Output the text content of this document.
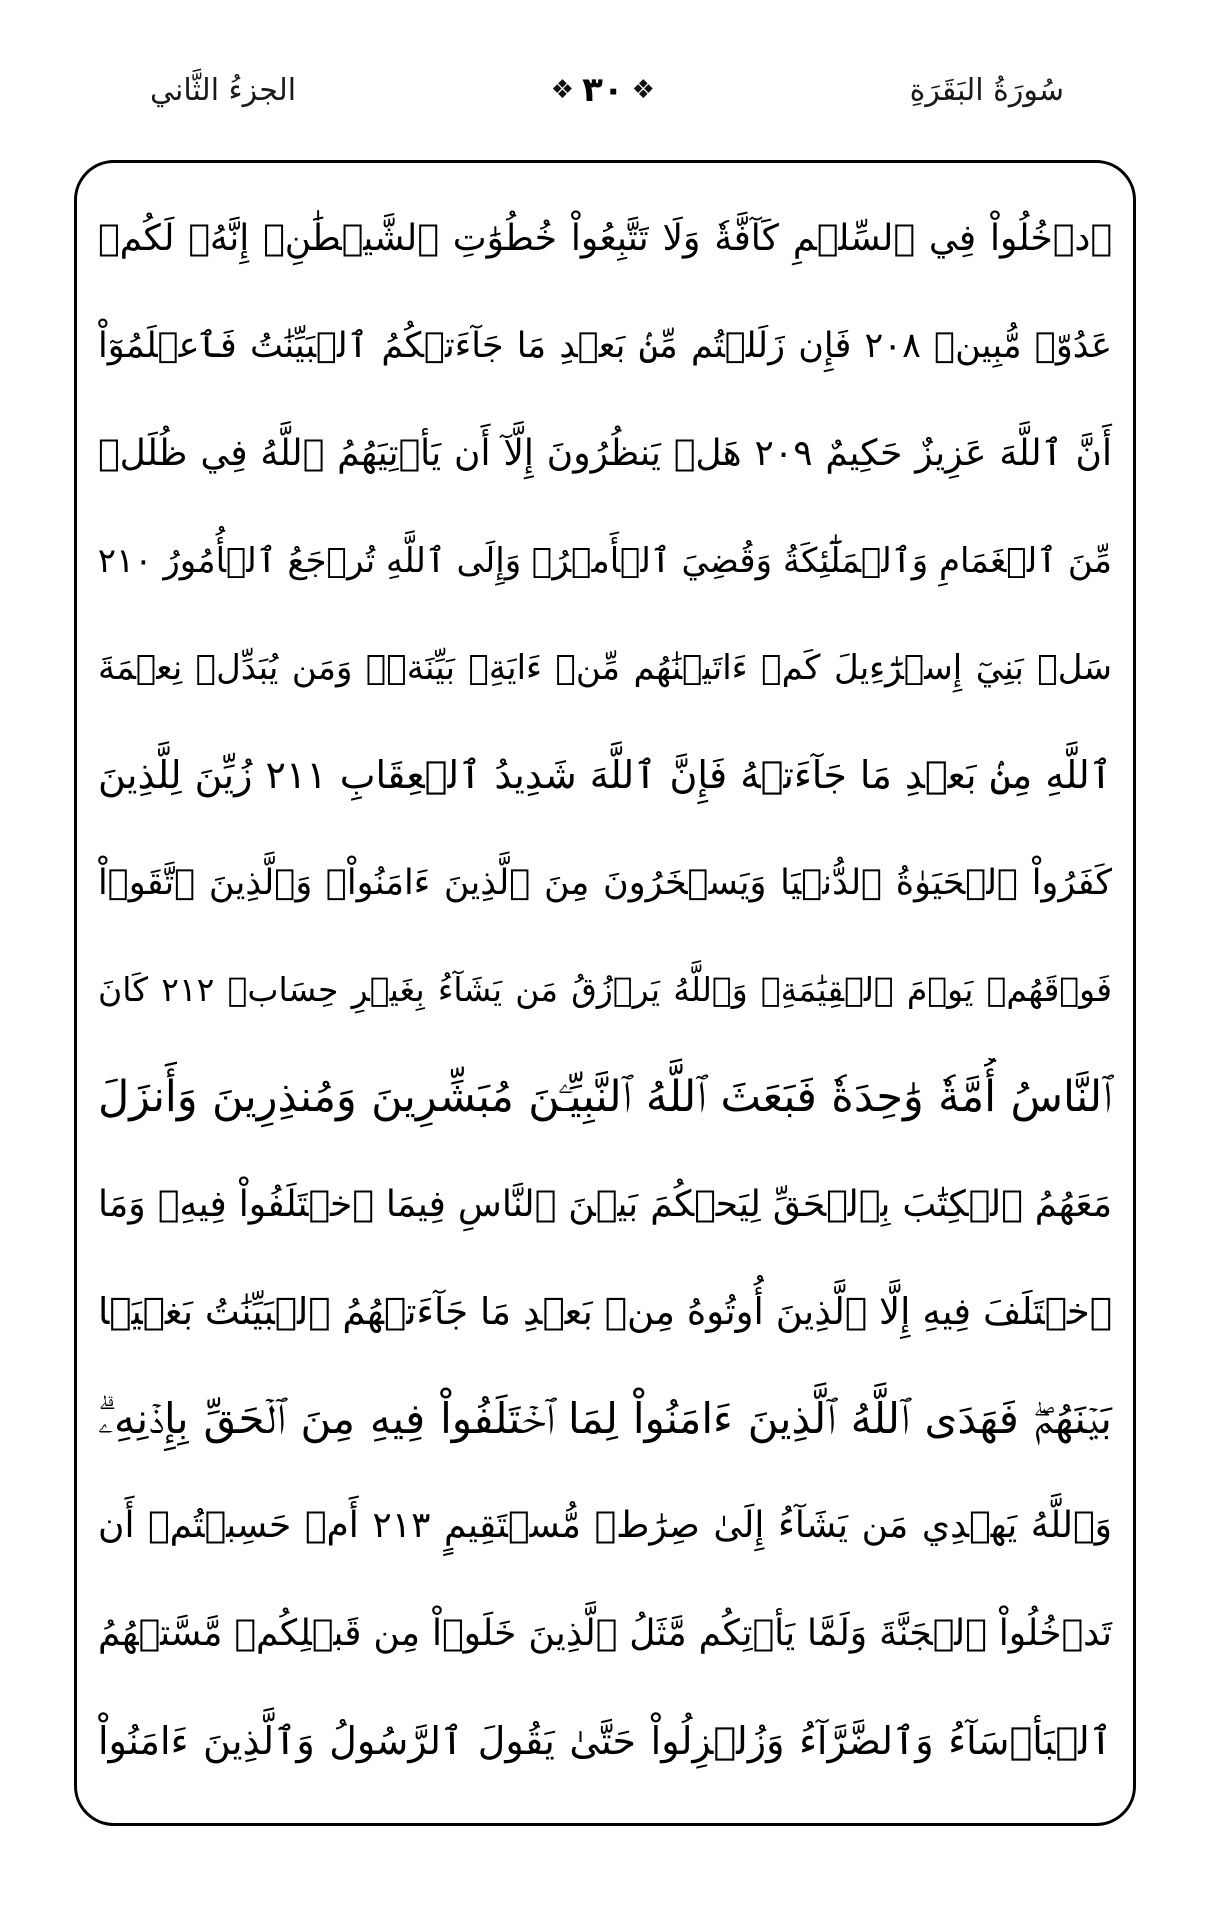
سُورَةُ البَقَرَةِ
❖
٣٠
❖
الجزءُ الثَّاني
ٱدۡخُلُواْ فِي ٱلسِّلۡمِ كَآفَّةٗ وَلَا تَتَّبِعُواْ خُطُوَٰتِ ٱلشَّيۡطَٰنِۚ إِنَّهُۥ لَكُمۡ
عَدُوّٞ مُّبِينٞ ٢٠٨ فَإِن زَلَلۡتُم مِّنۢ بَعۡدِ مَا جَآءَتۡكُمُ ٱلۡبَيِّنَٰتُ فَٱعۡلَمُوٓاْ
أَنَّ ٱللَّهَ عَزِيزٌ حَكِيمٌ ٢٠٩ هَلۡ يَنظُرُونَ إِلَّآ أَن يَأۡتِيَهُمُ ٱللَّهُ فِي ظُلَلٖ
مِّنَ ٱلۡغَمَامِ وَٱلۡمَلَٰٓئِكَةُ وَقُضِيَ ٱلۡأَمۡرُۚ وَإِلَى ٱللَّهِ تُرۡجَعُ ٱلۡأُمُورُ ٢١٠
سَلۡ بَنِيٓ إِسۡرَٰٓءِيلَ كَمۡ ءَاتَيۡنَٰهُم مِّنۡ ءَايَةِۢ بَيِّنَةٖۗ وَمَن يُبَدِّلۡ نِعۡمَةَ
ٱللَّهِ مِنۢ بَعۡدِ مَا جَآءَتۡهُ فَإِنَّ ٱللَّهَ شَدِيدُ ٱلۡعِقَابِ ٢١١ زُيِّنَ لِلَّذِينَ
كَفَرُواْ ٱلۡحَيَوٰةُ ٱلدُّنۡيَا وَيَسۡخَرُونَ مِنَ ٱلَّذِينَ ءَامَنُواْۘ وَٱلَّذِينَ ٱتَّقَوۡاْ
فَوۡقَهُمۡ يَوۡمَ ٱلۡقِيَٰمَةِۗ وَٱللَّهُ يَرۡزُقُ مَن يَشَآءُ بِغَيۡرِ حِسَابٖ ٢١٢ كَانَ
ٱلنَّاسُ أُمَّةٗ وَٰحِدَةٗ فَبَعَثَ ٱللَّهُ ٱلنَّبِيِّـۧنَ مُبَشِّرِينَ وَمُنذِرِينَ وَأَنزَلَ
مَعَهُمُ ٱلۡكِتَٰبَ بِٱلۡحَقِّ لِيَحۡكُمَ بَيۡنَ ٱلنَّاسِ فِيمَا ٱخۡتَلَفُواْ فِيهِۚ وَمَا
ٱخۡتَلَفَ فِيهِ إِلَّا ٱلَّذِينَ أُوتُوهُ مِنۢ بَعۡدِ مَا جَآءَتۡهُمُ ٱلۡبَيِّنَٰتُ بَغۡيَۢا
بَيۡنَهُمۡۖ فَهَدَى ٱللَّهُ ٱلَّذِينَ ءَامَنُواْ لِمَا ٱخۡتَلَفُواْ فِيهِ مِنَ ٱلۡحَقِّ بِإِذۡنِهِۦۗ
وَٱللَّهُ يَهۡدِي مَن يَشَآءُ إِلَىٰ صِرَٰطٖ مُّسۡتَقِيمٍ ٢١٣ أَمۡ حَسِبۡتُمۡ أَن
تَدۡخُلُواْ ٱلۡجَنَّةَ وَلَمَّا يَأۡتِكُم مَّثَلُ ٱلَّذِينَ خَلَوۡاْ مِن قَبۡلِكُمۖ مَّسَّتۡهُمُ
ٱلۡبَأۡسَآءُ وَٱلضَّرَّآءُ وَزُلۡزِلُواْ حَتَّىٰ يَقُولَ ٱلرَّسُولُ وَٱلَّذِينَ ءَامَنُواْ
